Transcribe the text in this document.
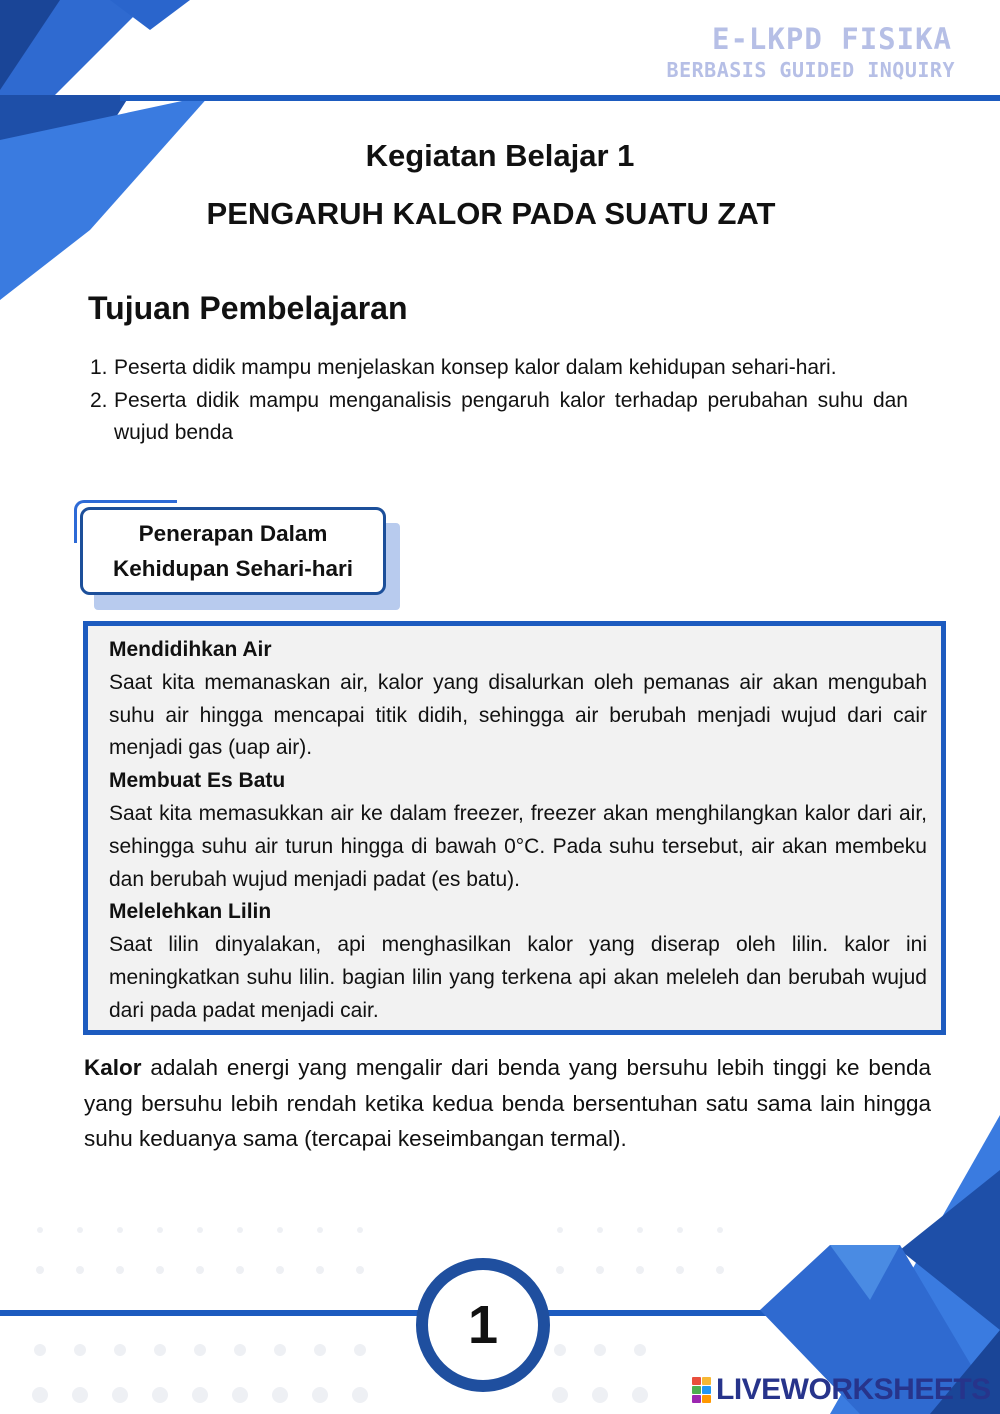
E-LKPD FISIKA
BERBASIS GUIDED INQUIRY
Kegiatan Belajar 1
PENGARUH KALOR PADA SUATU ZAT
Tujuan Pembelajaran
1. Peserta didik mampu menjelaskan konsep kalor dalam kehidupan sehari-hari.
2. Peserta didik mampu menganalisis pengaruh kalor terhadap perubahan suhu dan wujud benda
Penerapan Dalam
Kehidupan Sehari-hari
Mendidihkan Air
Saat kita memanaskan air, kalor yang disalurkan oleh pemanas air akan mengubah suhu air hingga mencapai titik didih, sehingga air berubah menjadi wujud dari cair menjadi gas (uap air).
Membuat Es Batu
Saat kita memasukkan air ke dalam freezer, freezer akan menghilangkan kalor dari air, sehingga suhu air turun hingga di bawah 0°C. Pada suhu tersebut, air akan membeku dan berubah wujud menjadi padat (es batu).
Melelehkan Lilin
Saat lilin dinyalakan, api menghasilkan kalor yang diserap oleh lilin. kalor ini meningkatkan suhu lilin. bagian lilin yang terkena api akan meleleh dan berubah wujud dari pada padat menjadi cair.
Kalor adalah energi yang mengalir dari benda yang bersuhu lebih tinggi ke benda yang bersuhu lebih rendah ketika kedua benda bersentuhan satu sama lain hingga suhu keduanya sama (tercapai keseimbangan termal).
1
LIVEWORKSHEETS
